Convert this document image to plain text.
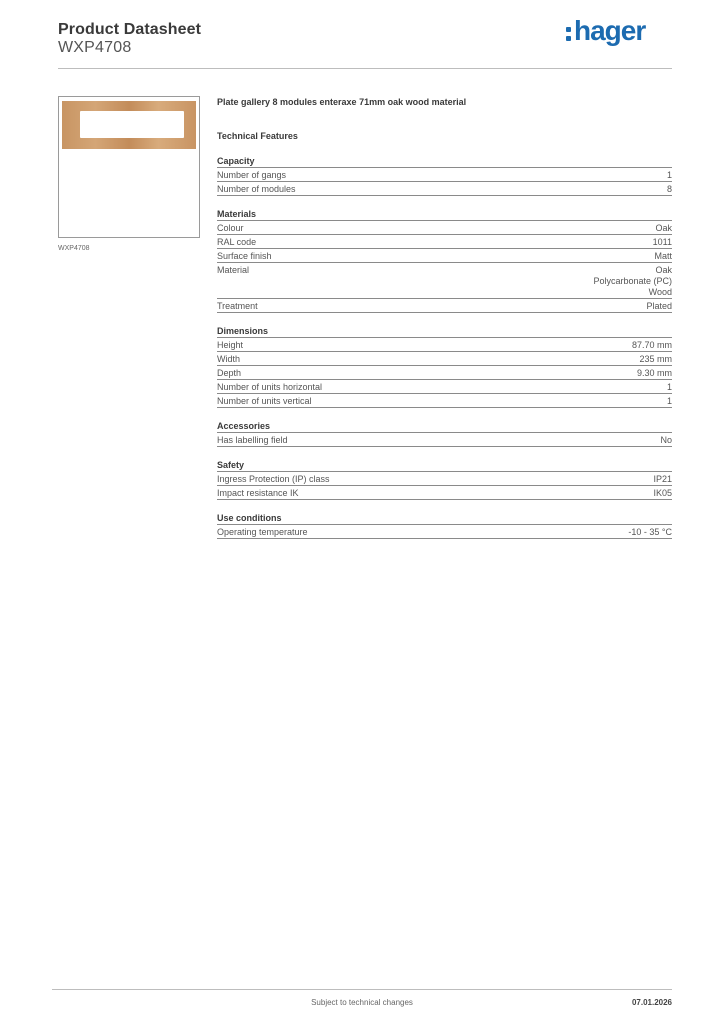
Product Datasheet
WXP4708
hager
WXP4708
Plate gallery 8 modules enteraxe 71mm oak wood material
Technical Features
Capacity
Number of gangs	1
Number of modules	8
Materials
Colour	Oak
RAL code	1011
Surface finish	Matt
Material	Oak
Polycarbonate (PC)
Wood
Treatment	Plated
Dimensions
Height	87.70 mm
Width	235 mm
Depth	9.30 mm
Number of units horizontal	1
Number of units vertical	1
Accessories
Has labelling field	No
Safety
Ingress Protection (IP) class	IP21
Impact resistance IK	IK05
Use conditions
Operating temperature	-10 - 35 °C
Subject to technical changes	07.01.2026
